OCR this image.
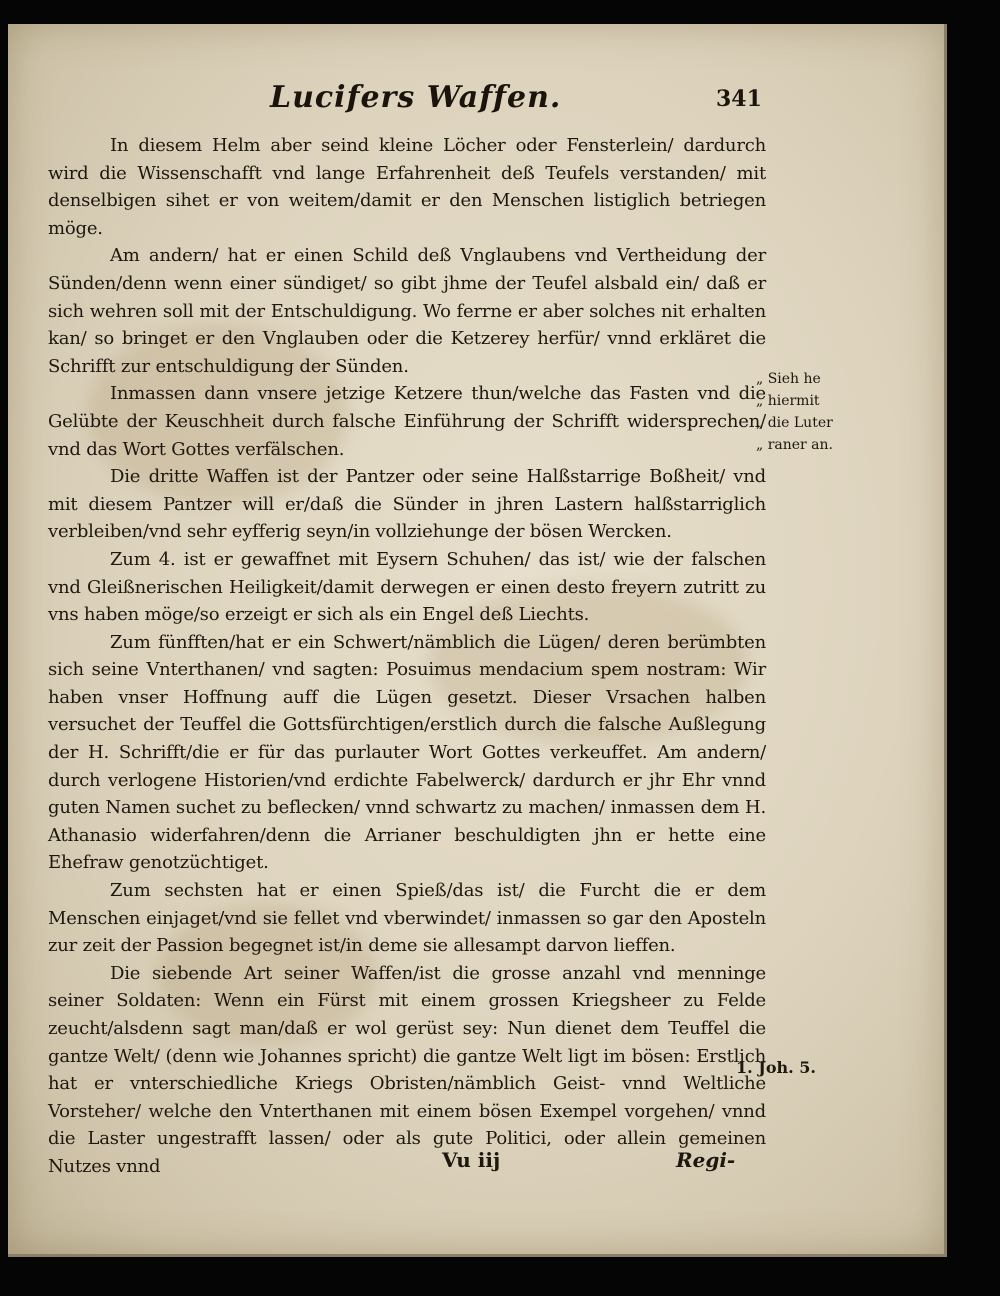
Lucifers Waffen.	341

In diesem Helm aber seind kleine Löcher oder Fensterlein/ dardurch wird die Wissenschafft vnd lange Erfahrenheit deß Teufels verstanden/ mit denselbigen sihet er von weitem/damit er den Menschen listiglich betriegen möge.

Am andern/ hat er einen Schild deß Vnglaubens vnd Vertheidung der Sünden/denn wenn einer sündiget/ so gibt jhme der Teufel alsbald ein/ daß er sich wehren soll mit der Entschuldigung. Wo ferrne er aber solches nit erhalten kan/ so bringet er den Vnglauben oder die Ketzerey herfür/ vnnd erkläret die Schrifft zur entschuldigung der Sünden.

Inmassen dann vnsere jetzige Ketzere thun/welche das Fasten vnd die Gelübte der Keuschheit durch falsche Einführung der Schrifft widersprechen/ vnd das Wort Gottes verfälschen.

Die dritte Waffen ist der Pantzer oder seine Halßstarrige Boßheit/ vnd mit diesem Pantzer will er/daß die Sünder in jhren Lastern halßstarriglich verbleiben/vnd sehr eyfferig seyn/in vollziehunge der bösen Wercken.

Zum 4. ist er gewaffnet mit Eysern Schuhen/ das ist/ wie der falschen vnd Gleißnerischen Heiligkeit/damit derwegen er einen desto freyern zutritt zu vns haben möge/so erzeigt er sich als ein Engel deß Liechts.

Zum fünfften/hat er ein Schwert/nämblich die Lügen/ deren berümbten sich seine Vnterthanen/ vnd sagten: Posuimus mendacium spem nostram: Wir haben vnser Hoffnung auff die Lügen gesetzt. Dieser Vrsachen halben versuchet der Teuffel die Gottsfürchtigen/erstlich durch die falsche Außlegung der H. Schrifft/die er für das purlauter Wort Gottes verkeuffet. Am andern/ durch verlogene Historien/vnd erdichte Fabelwerck/ dardurch er jhr Ehr vnnd guten Namen suchet zu beflecken/ vnnd schwartz zu machen/ inmassen dem H. Athanasio widerfahren/denn die Arrianer beschuldigten jhn er hette eine Ehefraw genotzüchtiget.

Zum sechsten hat er einen Spieß/das ist/ die Furcht die er dem Menschen einjaget/vnd sie fellet vnd vberwindet/ inmassen so gar den Aposteln zur zeit der Passion begegnet ist/in deme sie allesampt darvon lieffen.

Die siebende Art seiner Waffen/ist die grosse anzahl vnd menninge seiner Soldaten: Wenn ein Fürst mit einem grossen Kriegsheer zu Felde zeucht/alsdenn sagt man/daß er wol gerüst sey: Nun dienet dem Teuffel die gantze Welt/ (denn wie Johannes spricht) die gantze Welt ligt im bösen: Erstlich hat er vnterschiedliche Kriegs Obristen/nämblich Geist- vnnd Weltliche Vorsteher/ welche den Vnterthanen mit einem bösen Exempel vorgehen/ vnnd die Laster ungestrafft lassen/ oder als gute Politici, oder allein gemeinen Nutzes vnnd

„ Sieh he
„ hiermit
„ die Luter
„ raner an.
1. Joh. 5.
Vu iij	Regi-
